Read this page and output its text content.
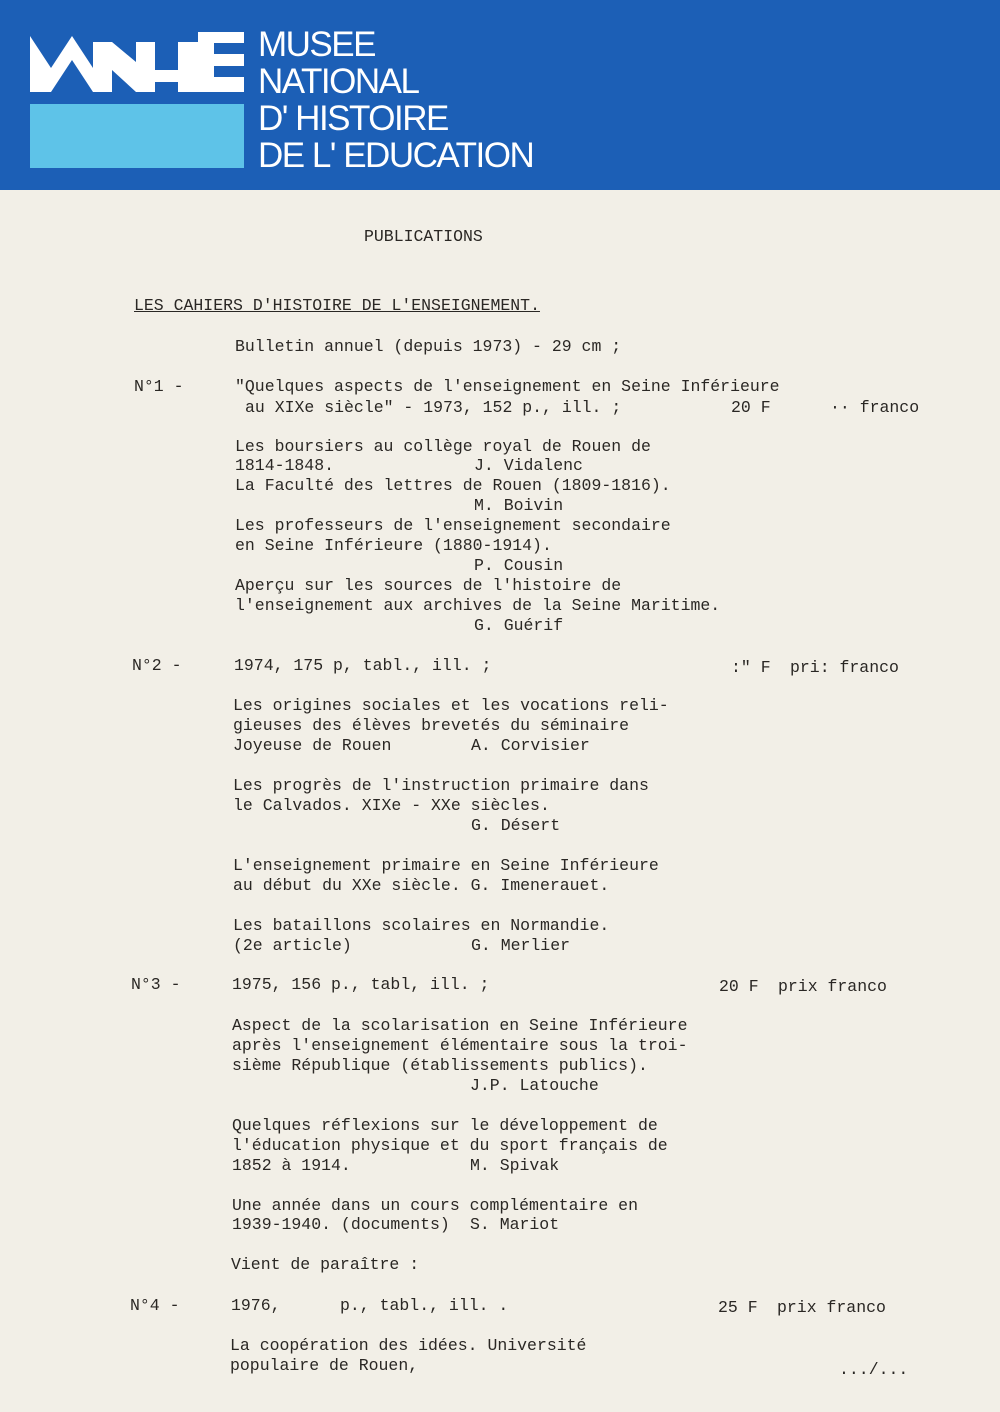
MUSEE
NATIONAL
D' HISTOIRE
DE L' EDUCATION
PUBLICATIONS
LES CAHIERS D'HISTOIRE DE L'ENSEIGNEMENT.
Bulletin annuel (depuis 1973) - 29 cm ;
N°1 -	"Quelques aspects de l'enseignement en Seine Inférieure
au XIXe siècle" - 1973, 152 p., ill. ;	20 F	·· franco
Les boursiers au collège royal de Rouen de
1814-1848.	J. Vidalenc
La Faculté des lettres de Rouen (1809-1816).
M. Boivin
Les professeurs de l'enseignement secondaire
en Seine Inférieure (1880-1914).
P. Cousin
Aperçu sur les sources de l'histoire de
l'enseignement aux archives de la Seine Maritime.
G. Guérif
N°2 -	1974, 175 p, tabl., ill. ;	:" F pri: franco
Les origines sociales et les vocations reli-
gieuses des élèves brevetés du séminaire
Joyeuse de Rouen	A. Corvisier
Les progrès de l'instruction primaire dans
le Calvados. XIXe - XXe siècles.
G. Désert
L'enseignement primaire en Seine Inférieure
au début du XXe siècle. G. Imenerauet.
Les bataillons scolaires en Normandie.
(2e article)	G. Merlier
N°3 -	1975, 156 p., tabl, ill. ;	20 F prix franco
Aspect de la scolarisation en Seine Inférieure
après l'enseignement élémentaire sous la troi-
sième République (établissements publics).
J.P. Latouche
Quelques réflexions sur le développement de
l'éducation physique et du sport français de
1852 à 1914.	M. Spivak
Une année dans un cours complémentaire en
1939-1940. (documents) S. Mariot
Vient de paraître :
N°4 -	1976,	p., tabl., ill. .	25 F prix franco
La coopération des idées. Université
populaire de Rouen,	.../...
